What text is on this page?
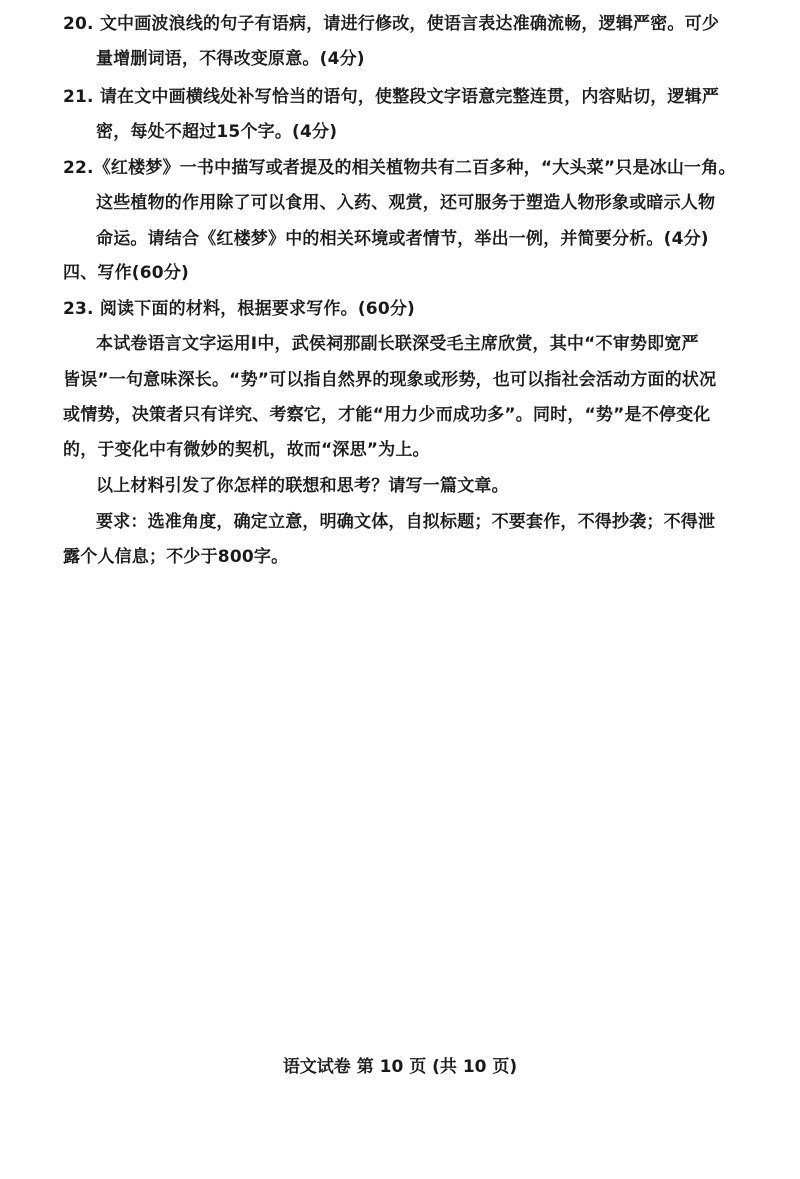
20. 文中画波浪线的句子有语病，请进行修改，使语言表达准确流畅，逻辑严密。可少
量增删词语，不得改变原意。(4分)
21. 请在文中画横线处补写恰当的语句，使整段文字语意完整连贯，内容贴切，逻辑严
密，每处不超过15个字。(4分)
22.《红楼梦》一书中描写或者提及的相关植物共有二百多种，“大头菜”只是冰山一角。
这些植物的作用除了可以食用、入药、观赏，还可服务于塑造人物形象或暗示人物
命运。请结合《红楼梦》中的相关环境或者情节，举出一例，并简要分析。(4分)
四、写作(60分)
23. 阅读下面的材料，根据要求写作。(60分)
本试卷语言文字运用Ⅰ中，武侯祠那副长联深受毛主席欣赏，其中“不审势即宽严
皆误”一句意味深长。“势”可以指自然界的现象或形势，也可以指社会活动方面的状况
或情势，决策者只有详究、考察它，才能“用力少而成功多”。同时，“势”是不停变化
的，于变化中有微妙的契机，故而“深思”为上。
以上材料引发了你怎样的联想和思考？请写一篇文章。
要求：选准角度，确定立意，明确文体，自拟标题；不要套作，不得抄袭；不得泄
露个人信息；不少于800字。
语文试卷 第 10 页 (共 10 页)
